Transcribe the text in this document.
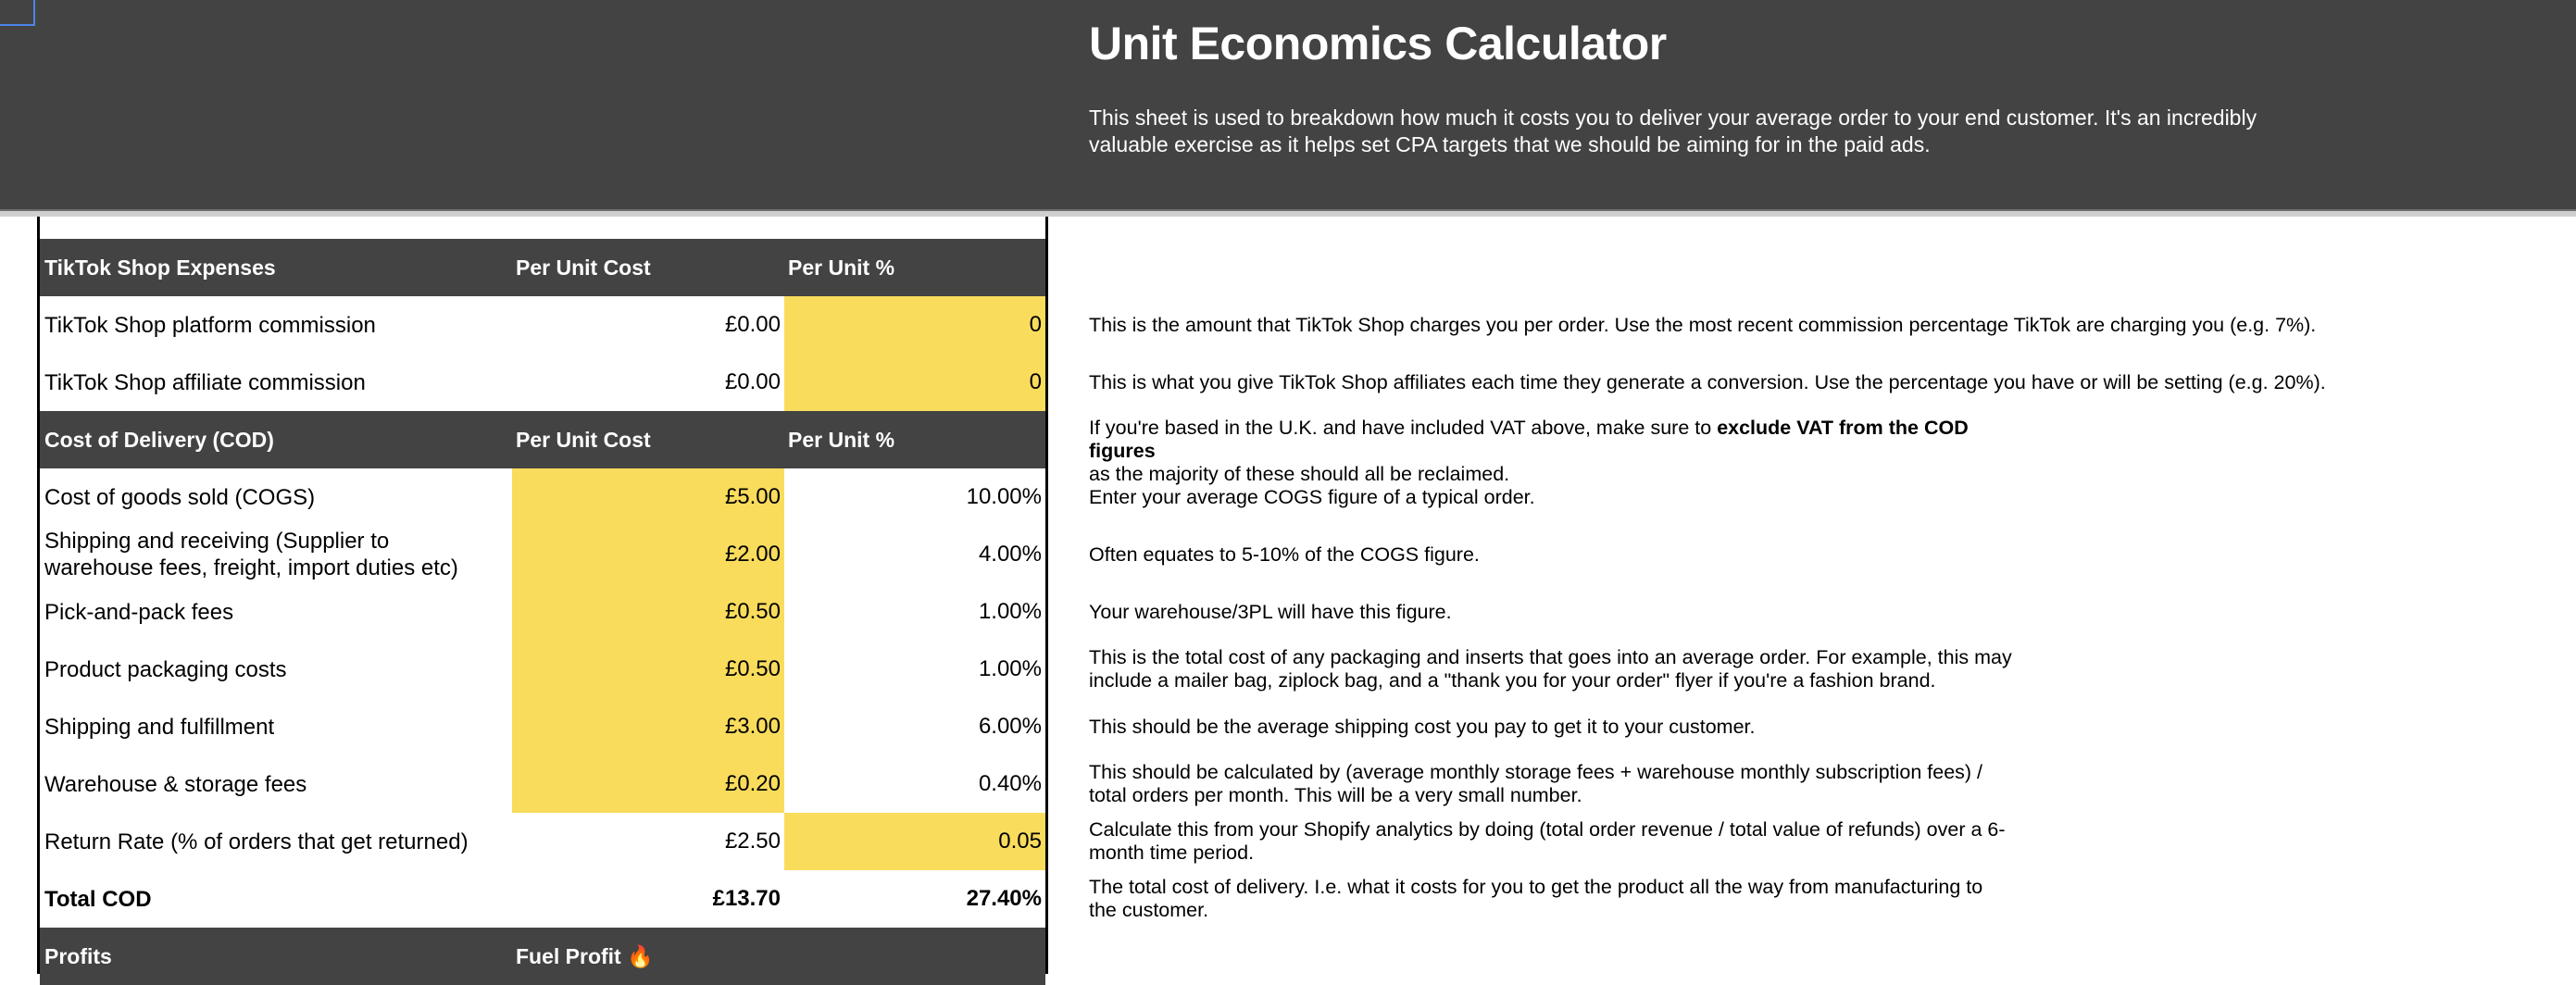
Unit Economics Calculator
This sheet is used to breakdown how much it costs you to deliver your average order to your end customer. It's an incredibly valuable exercise as it helps set CPA targets that we should be aiming for in the paid ads.
TikTok Shop Expenses	Per Unit Cost	Per Unit %
TikTok Shop platform commission	£0.00	0
TikTok Shop affiliate commission	£0.00	0
Cost of Delivery (COD)	Per Unit Cost	Per Unit %
Cost of goods sold (COGS)	£5.00	10.00%
Shipping and receiving (Supplier to warehouse fees, freight, import duties etc)
£2.00	4.00%
Pick-and-pack fees	£0.50	1.00%
Product packaging costs	£0.50	1.00%
Shipping and fulfillment	£3.00	6.00%
Warehouse & storage fees	£0.20	0.40%
Return Rate (% of orders that get returned)	£2.50	0.05
Total COD	£13.70	27.40%
Profits	Fuel Profit 🔥
This is the amount that TikTok Shop charges you per order. Use the most recent commission percentage TikTok are charging you (e.g. 7%).
This is what you give TikTok Shop affiliates each time they generate a conversion. Use the percentage you have or will be setting (e.g. 20%).
If you're based in the U.K. and have included VAT above, make sure to exclude VAT from the COD figures
as the majority of these should all be reclaimed.
Enter your average COGS figure of a typical order.
Often equates to 5-10% of the COGS figure.
Your warehouse/3PL will have this figure.
This is the total cost of any packaging and inserts that goes into an average order. For example, this may include a mailer bag, ziplock bag, and a "thank you for your order" flyer if you're a fashion brand.
This should be the average shipping cost you pay to get it to your customer.
This should be calculated by (average monthly storage fees + warehouse monthly subscription fees) / total orders per month. This will be a very small number.
Calculate this from your Shopify analytics by doing (total order revenue / total value of refunds) over a 6-month time period.
The total cost of delivery. I.e. what it costs for you to get the product all the way from manufacturing to the customer.
